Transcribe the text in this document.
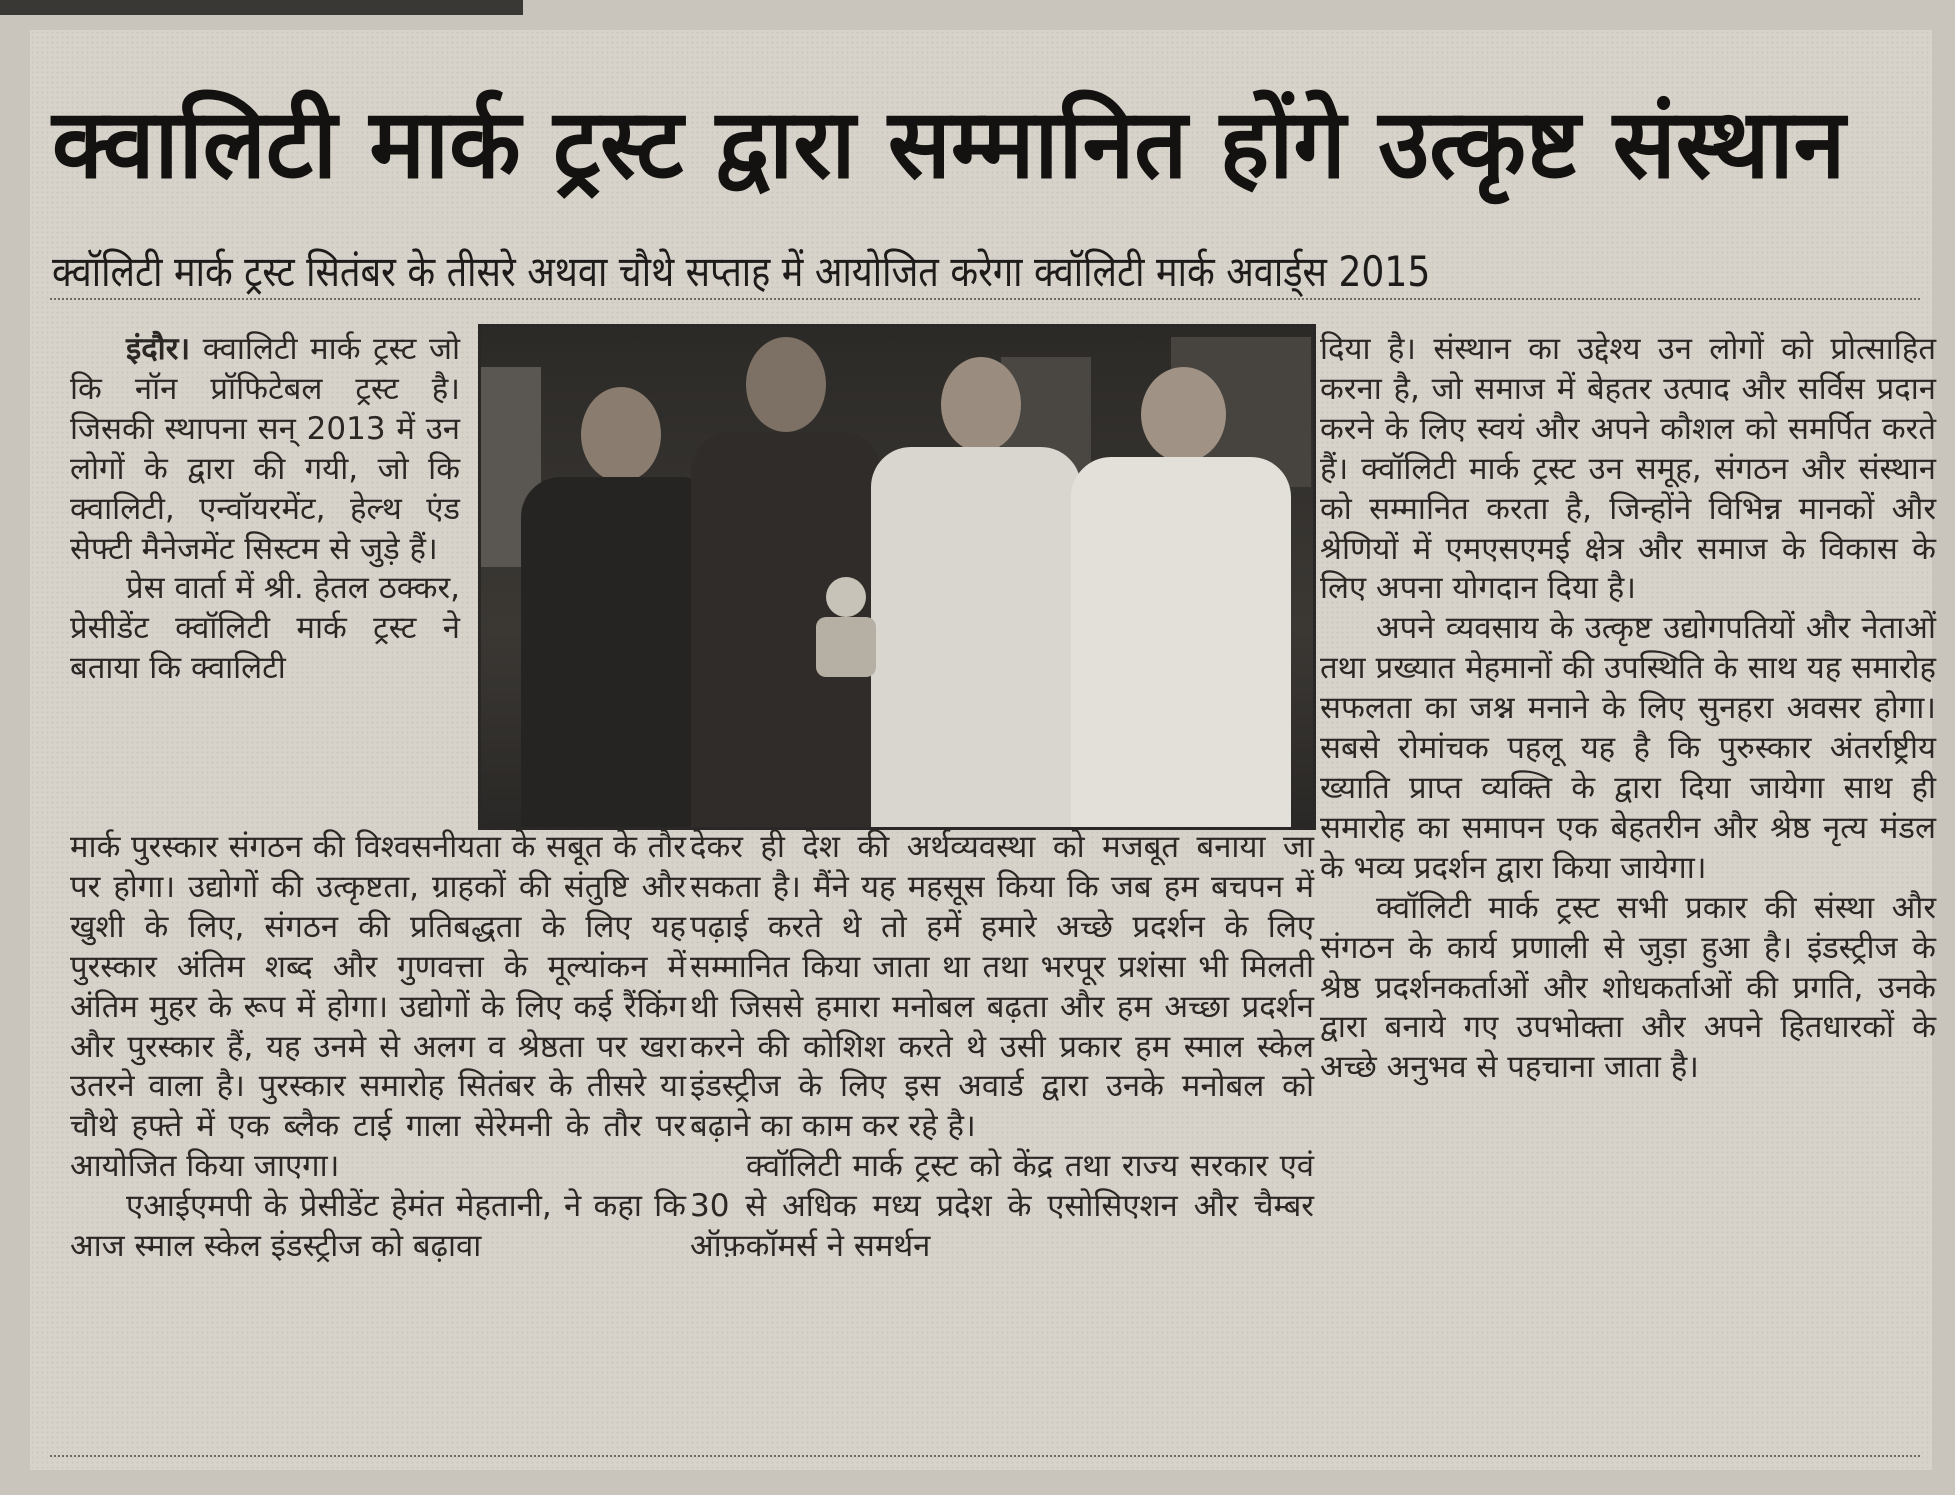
क्वालिटी मार्क ट्रस्ट द्वारा सम्मानित होंगे उत्कृष्ट संस्थान
क्वॉलिटी मार्क ट्रस्ट सितंबर के तीसरे अथवा चौथे सप्ताह में आयोजित करेगा क्वॉलिटी मार्क अवार्ड्स 2015

इंदौर। क्वालिटी मार्क ट्रस्ट जो कि नॉन प्रॉफिटेबल ट्रस्ट है। जिसकी स्थापना सन् 2013 में उन लोगों के द्वारा की गयी, जो कि क्वालिटी, एन्वॉयरमेंट, हेल्थ एंड सेफ्टी मैनेजमेंट सिस्टम से जुड़े हैं।

प्रेस वार्ता में श्री. हेतल ठक्कर, प्रेसीडेंट क्वॉलिटी मार्क ट्रस्ट ने बताया कि क्वालिटी

मार्क पुरस्कार संगठन की विश्वसनीयता के सबूत के तौर पर होगा। उद्योगों की उत्कृष्टता, ग्राहकों की संतुष्टि और खुशी के लिए, संगठन की प्रतिबद्धता के लिए यह पुरस्कार अंतिम शब्द और गुणवत्ता के मूल्यांकन में अंतिम मुहर के रूप में होगा। उद्योगों के लिए कई रैंकिंग और पुरस्कार हैं, यह उनमे से अलग व श्रेष्ठता पर खरा उतरने वाला है। पुरस्कार समारोह सितंबर के तीसरे या चौथे हफ्ते में एक ब्लैक टाई गाला सेरेमनी के तौर पर आयोजित किया जाएगा।

एआईएमपी के प्रेसीडेंट हेमंत मेहतानी, ने कहा कि आज स्माल स्केल इंडस्ट्रीज को बढ़ावा

देकर ही देश की अर्थव्यवस्था को मजबूत बनाया जा सकता है। मैंने यह महसूस किया कि जब हम बचपन में पढ़ाई करते थे तो हमें हमारे अच्छे प्रदर्शन के लिए सम्मानित किया जाता था तथा भरपूर प्रशंसा भी मिलती थी जिससे हमारा मनोबल बढ़ता और हम अच्छा प्रदर्शन करने की कोशिश करते थे उसी प्रकार हम स्माल स्केल इंडस्ट्रीज के लिए इस अवार्ड द्वारा उनके मनोबल को बढ़ाने का काम कर रहे है।

क्वॉलिटी मार्क ट्रस्ट को केंद्र तथा राज्य सरकार एवं 30 से अधिक मध्य प्रदेश के एसोसिएशन और चैम्बर ऑफ़कॉमर्स ने समर्थन

दिया है। संस्थान का उद्देश्य उन लोगों को प्रोत्साहित करना है, जो समाज में बेहतर उत्पाद और सर्विस प्रदान करने के लिए स्वयं और अपने कौशल को समर्पित करते हैं। क्वॉलिटी मार्क ट्रस्ट उन समूह, संगठन और संस्थान को सम्मानित करता है, जिन्होंने विभिन्न मानकों और श्रेणियों में एमएसएमई क्षेत्र और समाज के विकास के लिए अपना योगदान दिया है।

अपने व्यवसाय के उत्कृष्ट उद्योगपतियों और नेताओं तथा प्रख्यात मेहमानों की उपस्थिति के साथ यह समारोह सफलता का जश्न मनाने के लिए सुनहरा अवसर होगा। सबसे रोमांचक पहलू यह है कि पुरुस्कार अंतर्राष्ट्रीय ख्याति प्राप्त व्यक्ति के द्वारा दिया जायेगा साथ ही समारोह का समापन एक बेहतरीन और श्रेष्ठ नृत्य मंडल के भव्य प्रदर्शन द्वारा किया जायेगा।

क्वॉलिटी मार्क ट्रस्ट सभी प्रकार की संस्था और संगठन के कार्य प्रणाली से जुड़ा हुआ है। इंडस्ट्रीज के श्रेष्ठ प्रदर्शनकर्ताओं और शोधकर्ताओं की प्रगति, उनके द्वारा बनाये गए उपभोक्ता और अपने हितधारकों के अच्छे अनुभव से पहचाना जाता है।
